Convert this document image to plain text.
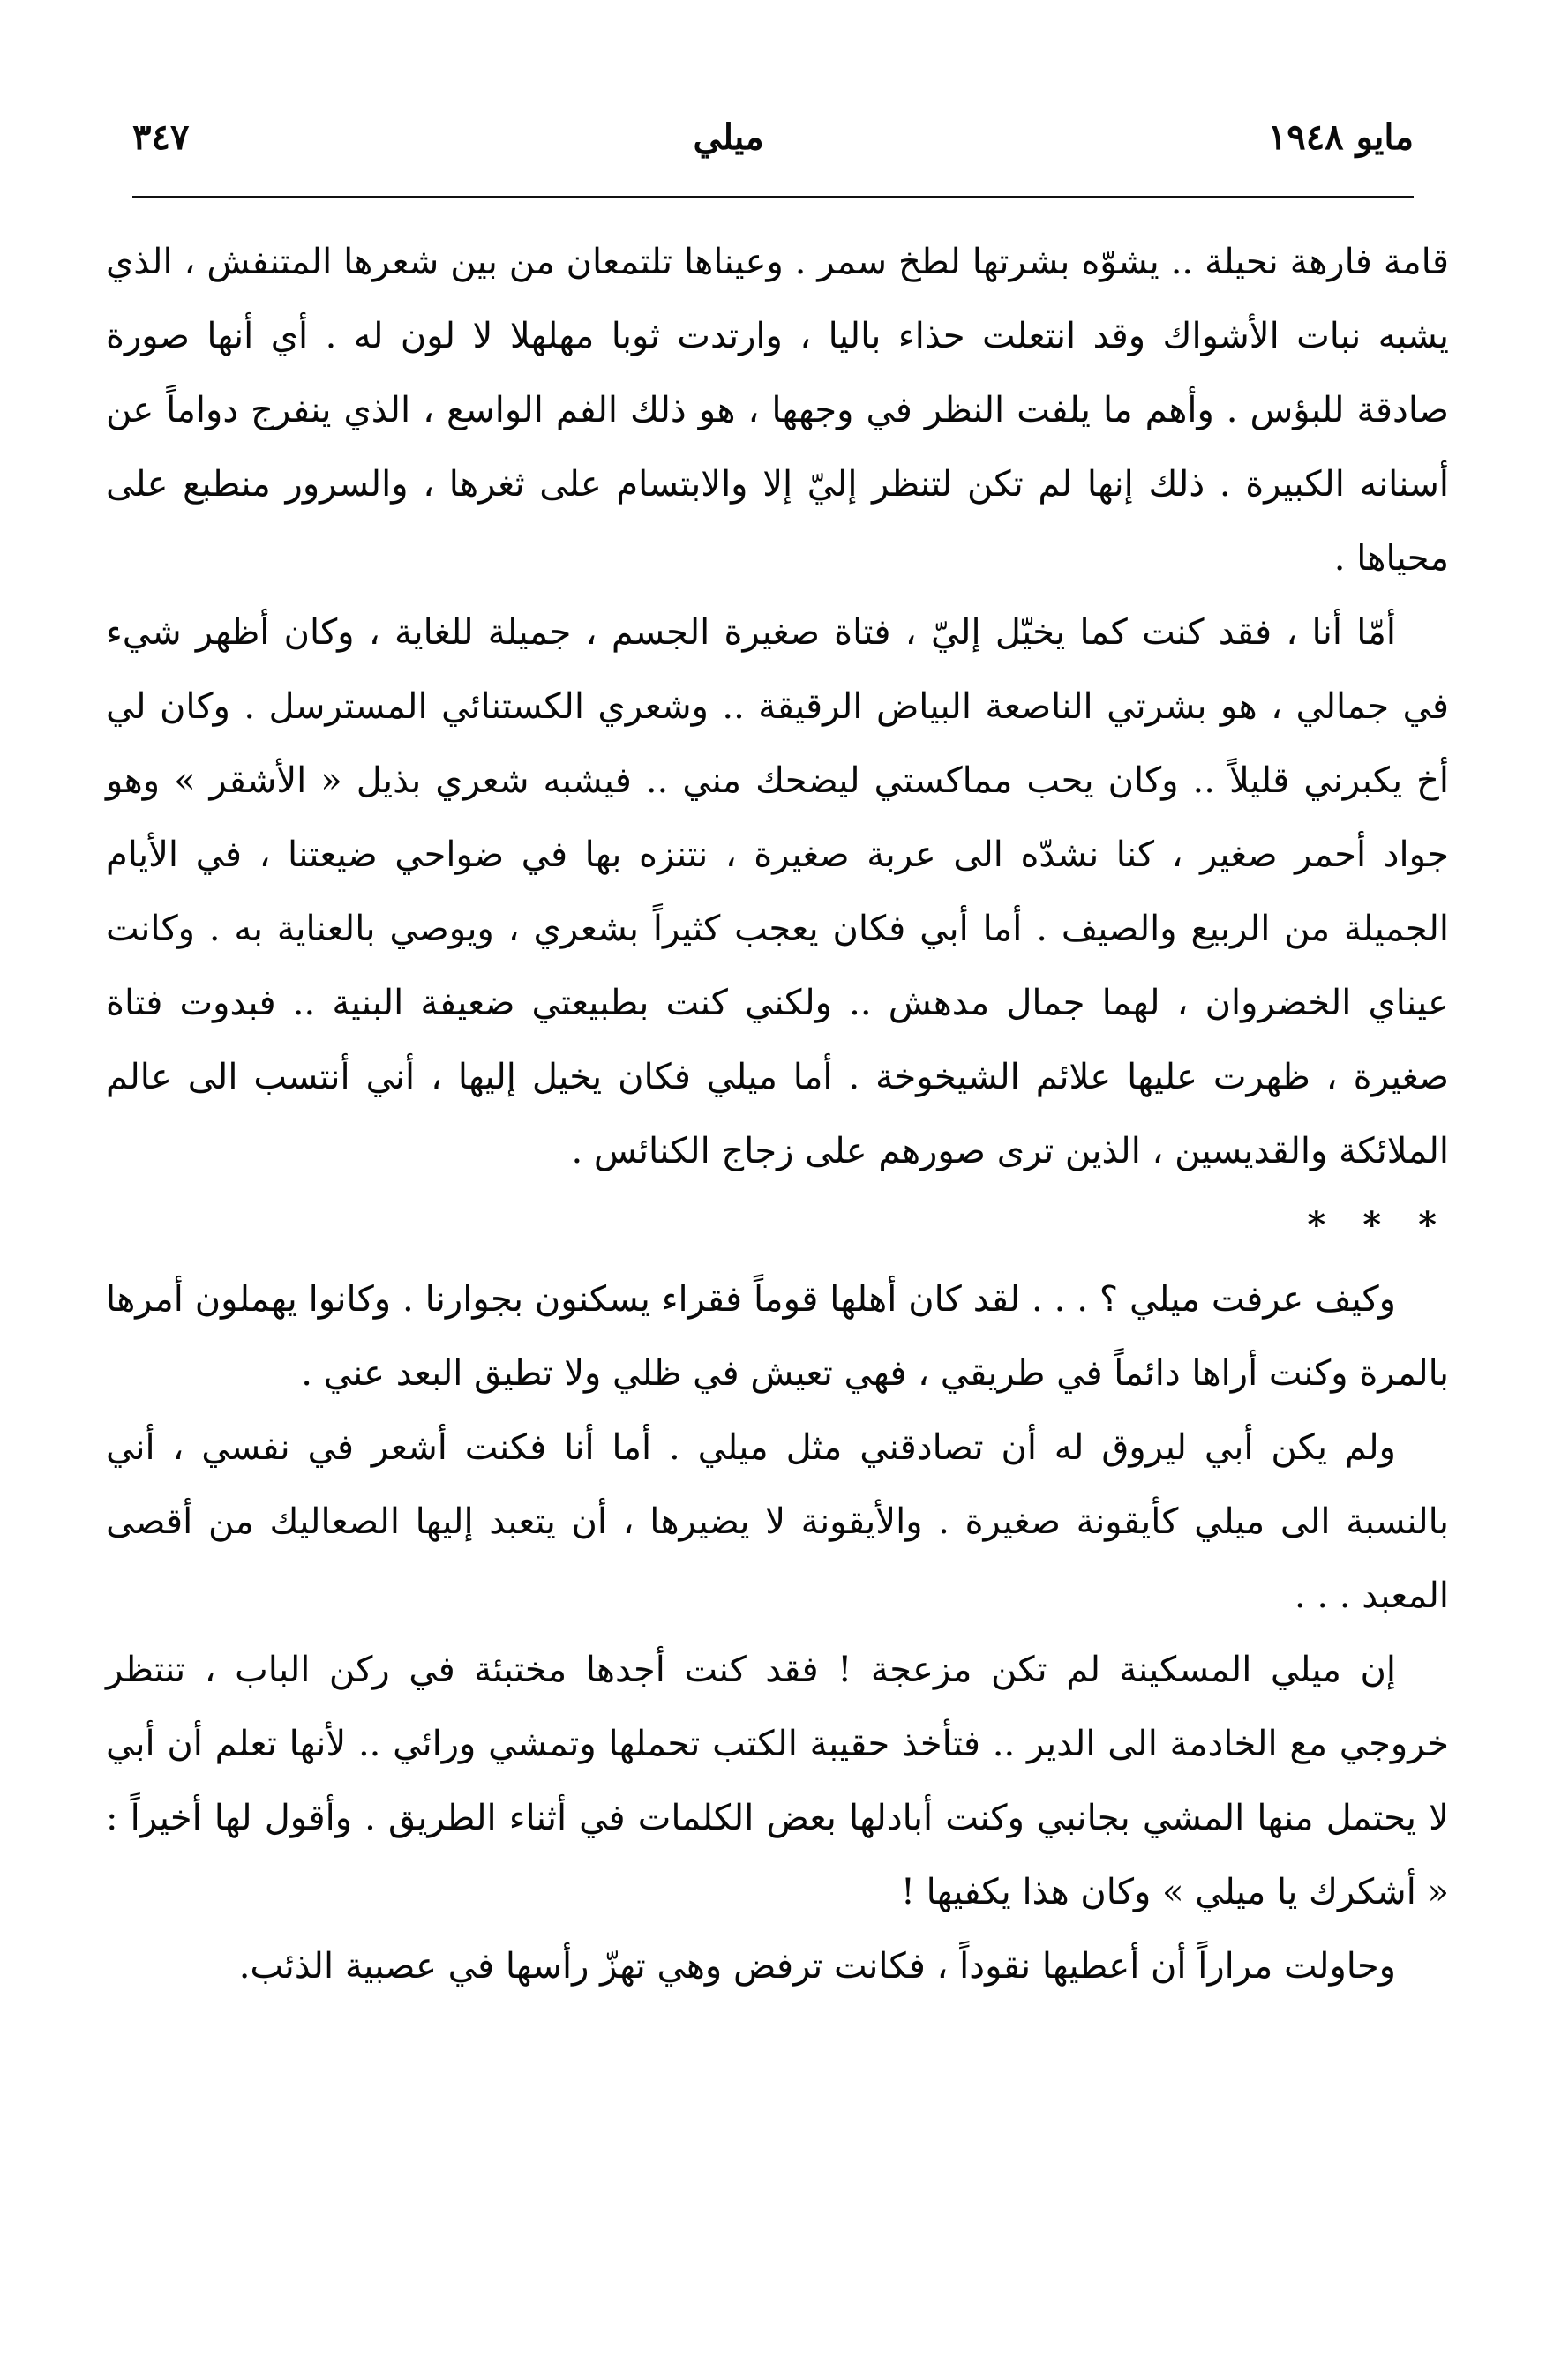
مايو ١٩٤٨
ميلي
٣٤٧

قامة فارهة نحيلة .. يشوّه بشرتها لطخ سمر . وعيناها تلتمعان من بين شعرها المتنفش ، الذي يشبه نبات الأشواك وقد انتعلت حذاء باليا ، وارتدت ثوبا مهلهلا لا لون له . أي أنها صورة صادقة للبؤس . وأهم ما يلفت النظر في وجهها ، هو ذلك الفم الواسع ، الذي ينفرج دواماً عن أسنانه الكبيرة . ذلك إنها لم تكن لتنظر إليّ إلا والابتسام على ثغرها ، والسرور منطبع على محياها .

أمّا أنا ، فقد كنت كما يخيّل إليّ ، فتاة صغيرة الجسم ، جميلة للغاية ، وكان أظهر شيء في جمالي ، هو بشرتي الناصعة البياض الرقيقة .. وشعري الكستنائي المسترسل . وكان لي أخ يكبرني قليلاً .. وكان يحب مماكستي ليضحك مني .. فيشبه شعري بذيل « الأشقر » وهو جواد أحمر صغير ، كنا نشدّه الى عربة صغيرة ، نتنزه بها في ضواحي ضيعتنا ، في الأيام الجميلة من الربيع والصيف . أما أبي فكان يعجب كثيراً بشعري ، ويوصي بالعناية به . وكانت عيناي الخضروان ، لهما جمال مدهش .. ولكني كنت بطبيعتي ضعيفة البنية .. فبدوت فتاة صغيرة ، ظهرت عليها علائم الشيخوخة . أما ميلي فكان يخيل إليها ، أني أنتسب الى عالم الملائكة والقديسين ، الذين ترى صورهم على زجاج الكنائس .

* * *

وكيف عرفت ميلي ؟ . . . لقد كان أهلها قوماً فقراء يسكنون بجوارنا . وكانوا يهملون أمرها بالمرة وكنت أراها دائماً في طريقي ، فهي تعيش في ظلي ولا تطيق البعد عني .

ولم يكن أبي ليروق له أن تصادقني مثل ميلي . أما أنا فكنت أشعر في نفسي ، أني بالنسبة الى ميلي كأيقونة صغيرة . والأيقونة لا يضيرها ، أن يتعبد إليها الصعاليك من أقصى المعبد . . .

إن ميلي المسكينة لم تكن مزعجة ! فقد كنت أجدها مختبئة في ركن الباب ، تنتظر خروجي مع الخادمة الى الدير .. فتأخذ حقيبة الكتب تحملها وتمشي ورائي .. لأنها تعلم أن أبي لا يحتمل منها المشي بجانبي وكنت أبادلها بعض الكلمات في أثناء الطريق . وأقول لها أخيراً : « أشكرك يا ميلي » وكان هذا يكفيها !

وحاولت مراراً أن أعطيها نقوداً ، فكانت ترفض وهي تهزّ رأسها في عصبية الذئب.
